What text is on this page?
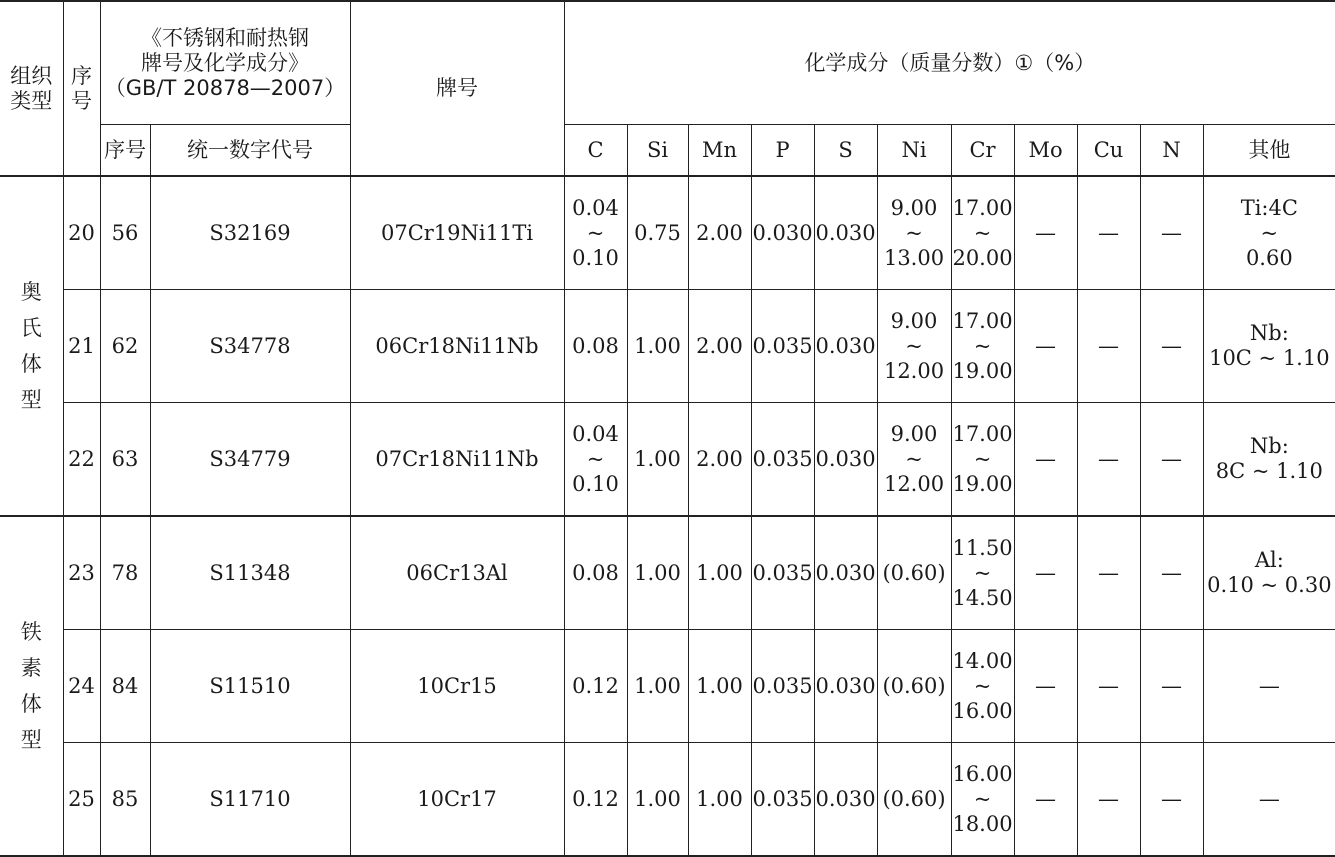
组织
类型	序
号	《不锈钢和耐热钢
牌号及化学成分》
（GB/T 20878—2007）		牌号	化学成分（质量分数）①（%）										
		序号	统一数字代号		C	Si	Mn	P	S	Ni	Cr	Mo	Cu	N	其他

奥
氏
体
型	20	56	S32169	07Cr19Ni11Ti	0.04
~
0.10	0.75	2.00	0.030	0.030	9.00
~
13.00	17.00
~
20.00	—	—	—	Ti:4C
~
0.60

	21	62	S34778	06Cr18Ni11Nb	0.08	1.00	2.00	0.035	0.030	9.00
~
12.00	17.00
~
19.00	—	—	—	Nb:
10C ~ 1.10

	22	63	S34779	07Cr18Ni11Nb	0.04
~
0.10	1.00	2.00	0.035	0.030	9.00
~
12.00	17.00
~
19.00	—	—	—	Nb:
8C ~ 1.10

铁
素
体
型	23	78	S11348	06Cr13Al	0.08	1.00	1.00	0.035	0.030	(0.60)	11.50
~
14.50	—	—	—	Al:
0.10 ~ 0.30

	24	84	S11510	10Cr15	0.12	1.00	1.00	0.035	0.030	(0.60)	14.00
~
16.00	—	—	—	—

	25	85	S11710	10Cr17	0.12	1.00	1.00	0.035	0.030	(0.60)	16.00
~
18.00	—	—	—	—
